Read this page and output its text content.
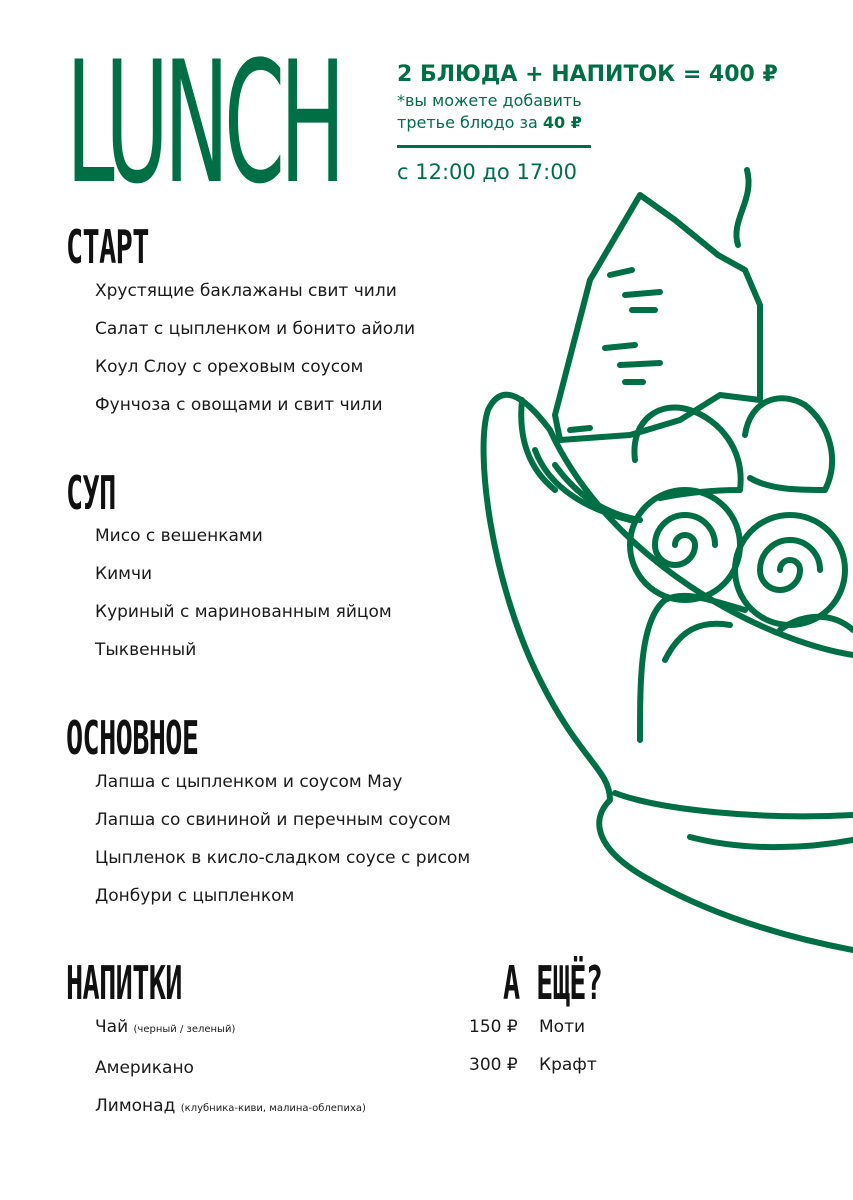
LUNCH	2 БЛЮДА + НАПИТОК = 400 ₽
*вы можете добавить
третье блюдо за 40 ₽
с 12:00 до 17:00
СТАРТ
Хрустящие баклажаны свит чили
Салат с цыпленком и бонито айоли
Коул Слоу с ореховым соусом
Фунчоза с овощами и свит чили
СУП
Мисо с вешенками
Кимчи
Куриный с маринованным яйцом
Тыквенный
ОСНОВНОЕ
Лапша с цыпленком и соусом Мау
Лапша со свининой и перечным соусом
Цыпленок в кисло-сладком соусе с рисом
Донбури с цыпленком
НАПИТКИ
Чай (черный / зеленый)
Американо
Лимонад (клубника-киви, малина-облепиха)
А ЕЩЁ?
150 ₽	Моти
300 ₽	Крафт
